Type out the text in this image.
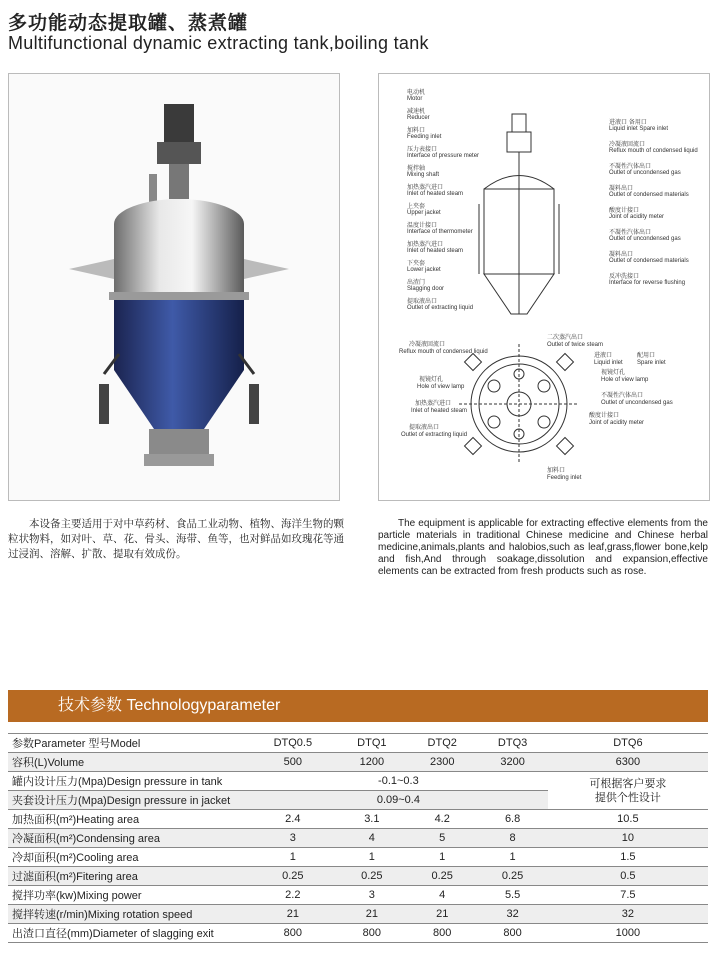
多功能动态提取罐、蒸煮罐
Multifunctional dynamic extracting tank,boiling tank
电动机
Motor
减速机
Reducer
加料口
Feeding inlet
压力表接口
Interface of pressure meter
搅拌轴
Mixing shaft
加热蒸汽进口
Inlet of heated steam
上夹套
Upper jacket
温度计接口
Interface of thermometer
加热蒸汽进口
Inlet of heated steam
下夹套
Lower jacket
出渣门
Slagging door
提取液出口
Outlet of extracting liquid
进液口 备用口
Liquid inlet Spare inlet
冷凝液回流口
Reflux mouth of condensed liquid
不凝性汽体出口
Outlet of uncondensed gas
凝料出口
Outlet of condensed materials
酸度计接口
Joint of acidity meter
不凝性汽体出口
Outlet of uncondensed gas
凝料出口
Outlet of condensed materials
反冲洗接口
Interface for reverse flushing
二次蒸汽出口
Outlet of twice steam
冷凝液回流口
Reflux mouth of condensed liquid	进液口
Liquid inlet
配用口
Spare inlet
视镜灯孔
Hole of view lamp
视镜灯孔
Hole of view lamp
加热蒸汽进口
Inlet of heated steam
不凝性汽体出口
Outlet of uncondensed gas
酸度计接口
Joint of acidity meter
提取液出口
Outlet of extracting liquid
加料口
Feeding inlet
本设备主要适用于对中草药材、食品工业动物、植物、海洋生物的颗粒状物料，如对叶、草、花、骨头、海带、鱼等，也对鲜品如玫瑰花等通过浸润、溶解、扩散、提取有效成份。
The equipment is applicable for extracting effective elements from the particle materials in traditional Chinese medicine and Chinese herbal medicine,animals,plants and halobios,such as leaf,grass,flower bone,kelp and fish,And through soakage,dissolution and expansion,effective elements can be extracted from fresh products such as rose.
技术参数 Technologyparameter
参数Parameter 型号Model	DTQ0.5	DTQ1	DTQ2	DTQ3	DTQ6
容积(L)Volume	500	1200	2300	3200	6300
罐内设计压力(Mpa)Design pressure in tank	-0.1~0.3				可根据客户要求
提供个性设计

夹套设计压力(Mpa)Design pressure in jacket	0.09~0.4				
加热面积(m²)Heating area	2.4	3.1	4.2	6.8	10.5
冷凝面积(m²)Condensing area	3	4	5	8	10
冷却面积(m²)Cooling area	1	1	1	1	1.5
过滤面积(m²)Fitering area	0.25	0.25	0.25	0.25	0.5
搅拌功率(kw)Mixing power	2.2	3	4	5.5	7.5
搅拌转速(r/min)Mixing rotation speed	21	21	21	32	32
出渣口直径(mm)Diameter of slagging exit	800	800	800	800	1000
